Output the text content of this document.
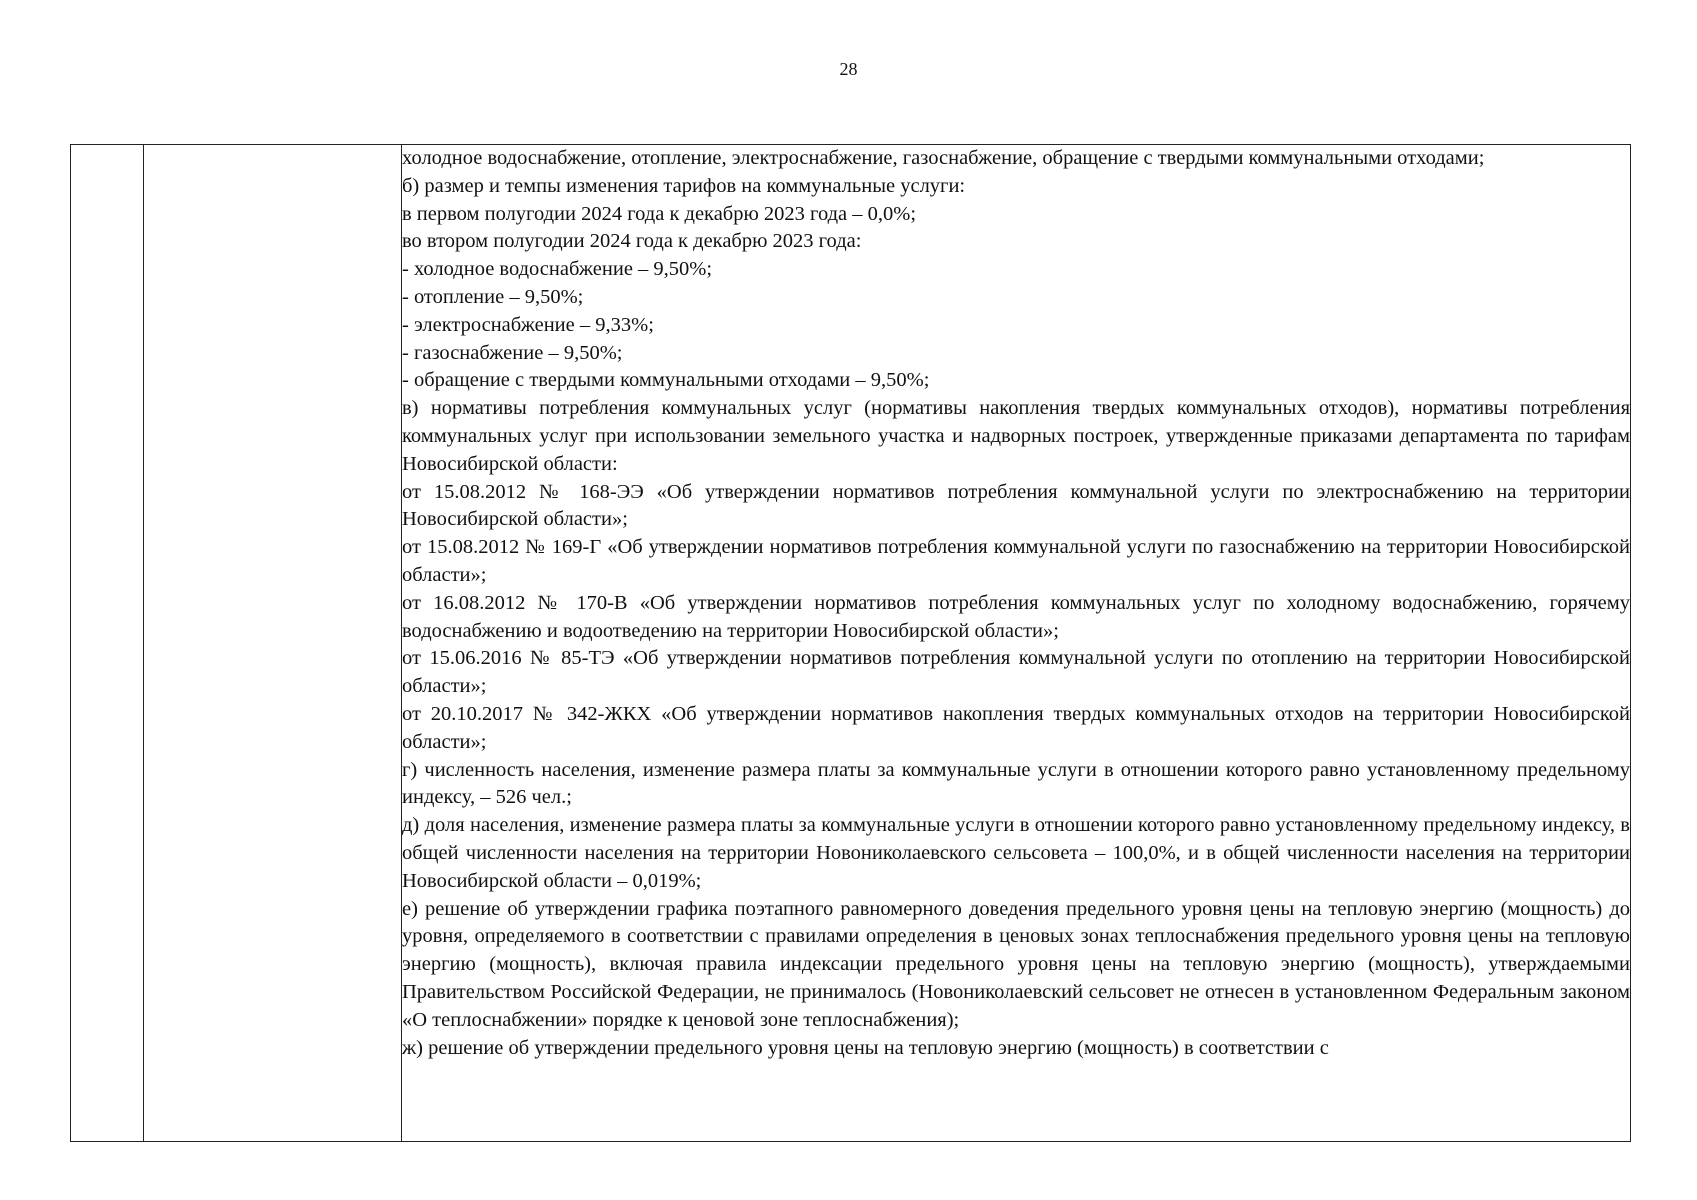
28

холодное водоснабжение, отопление, электроснабжение, газоснабжение, обращение с твердыми коммунальными отходами;

б) размер и темпы изменения тарифов на коммунальные услуги:

в первом полугодии 2024 года к декабрю 2023 года – 0,0%;

во втором полугодии 2024 года к декабрю 2023 года:

- холодное водоснабжение – 9,50%;

- отопление – 9,50%;

- электроснабжение – 9,33%;

- газоснабжение – 9,50%;

- обращение с твердыми коммунальными отходами – 9,50%;

в) нормативы потребления коммунальных услуг (нормативы накопления твердых коммунальных отходов), нормативы потребления коммунальных услуг при использовании земельного участка и надворных построек, утвержденные приказами департамента по тарифам Новосибирской области:

от 15.08.2012 № 168-ЭЭ «Об утверждении нормативов потребления коммунальной услуги по электроснабжению на территории Новосибирской области»;

от 15.08.2012 № 169-Г «Об утверждении нормативов потребления коммунальной услуги по газоснабжению на территории Новосибирской области»;

от 16.08.2012 № 170-В «Об утверждении нормативов потребления коммунальных услуг по холодному водоснабжению, горячему водоснабжению и водоотведению на территории Новосибирской области»;

от 15.06.2016 № 85-ТЭ «Об утверждении нормативов потребления коммунальной услуги по отоплению на территории Новосибирской области»;

от 20.10.2017 № 342-ЖКХ «Об утверждении нормативов накопления твердых коммунальных отходов на территории Новосибирской области»;

г) численность населения, изменение размера платы за коммунальные услуги в отношении которого равно установленному предельному индексу, – 526 чел.;

д) доля населения, изменение размера платы за коммунальные услуги в отношении которого равно установленному предельному индексу, в общей численности населения на территории Новониколаевского сельсовета – 100,0%, и в общей численности населения на территории Новосибирской области – 0,019%;

е) решение об утверждении графика поэтапного равномерного доведения предельного уровня цены на тепловую энергию (мощность) до уровня, определяемого в соответствии с правилами определения в ценовых зонах теплоснабжения предельного уровня цены на тепловую энергию (мощность), включая правила индексации предельного уровня цены на тепловую энергию (мощность), утверждаемыми Правительством Российской Федерации, не принималось (Новониколаевский сельсовет не отнесен в установленном Федеральным законом «О теплоснабжении» порядке к ценовой зоне теплоснабжения);

ж) решение об утверждении предельного уровня цены на тепловую энергию (мощность) в соответствии с
